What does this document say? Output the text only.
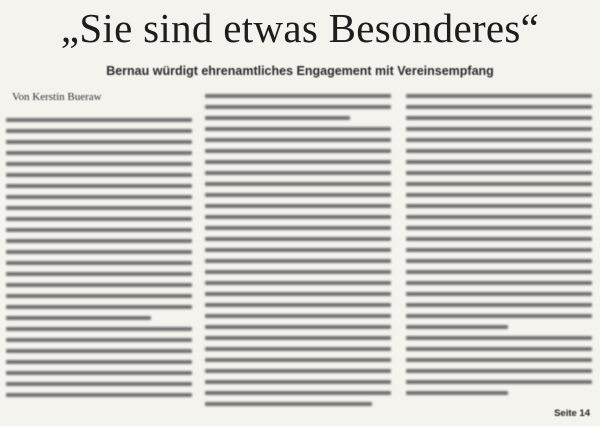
„Sie sind etwas Besonderes“
Bernau würdigt ehrenamtliches Engagement mit Vereinsempfang
Von Kerstin Bueraw
Seite 14
